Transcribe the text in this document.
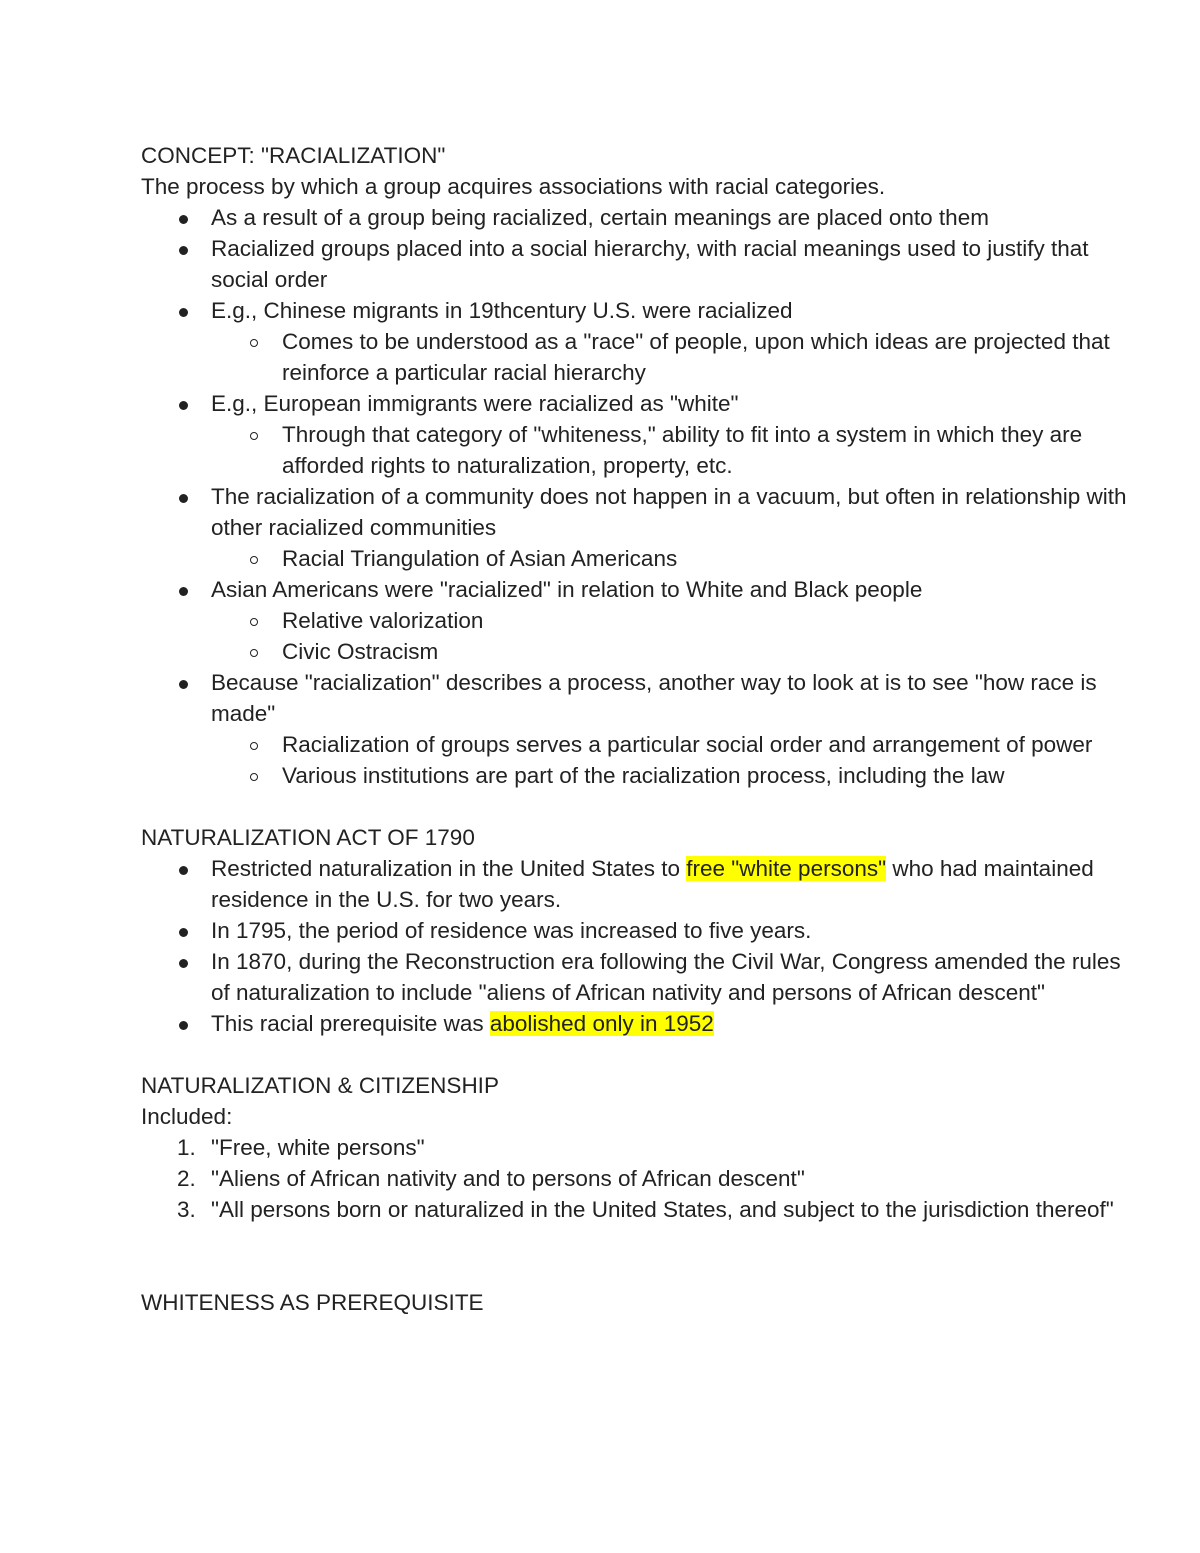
CONCEPT: "RACIALIZATION"

The process by which a group acquires associations with racial categories.

As a result of a group being racialized, certain meanings are placed onto them
Racialized groups placed into a social hierarchy, with racial meanings used to justify that social order
E.g., Chinese migrants in 19thcentury U.S. were racialized
Comes to be understood as a "race" of people, upon which ideas are projected that reinforce a particular racial hierarchy
E.g., European immigrants were racialized as "white"
Through that category of "whiteness," ability to fit into a system in which they are afforded rights to naturalization, property, etc.
The racialization of a community does not happen in a vacuum, but often in relationship with other racialized communities
Racial Triangulation of Asian Americans
Asian Americans were "racialized" in relation to White and Black people
Relative valorization
Civic Ostracism
Because "racialization" describes a process, another way to look at is to see "how race is made"
Racialization of groups serves a particular social order and arrangement of power
Various institutions are part of the racialization process, including the law

NATURALIZATION ACT OF 1790

Restricted naturalization in the United States to free "white persons" who had maintained residence in the U.S. for two years.
In 1795, the period of residence was increased to five years.
In 1870, during the Reconstruction era following the Civil War, Congress amended the rules of naturalization to include "aliens of African nativity and persons of African descent"
This racial prerequisite was abolished only in 1952

NATURALIZATION & CITIZENSHIP

Included:

1. "Free, white persons"
2. "Aliens of African nativity and to persons of African descent"
3. "All persons born or naturalized in the United States, and subject to the jurisdiction thereof"

WHITENESS AS PREREQUISITE
